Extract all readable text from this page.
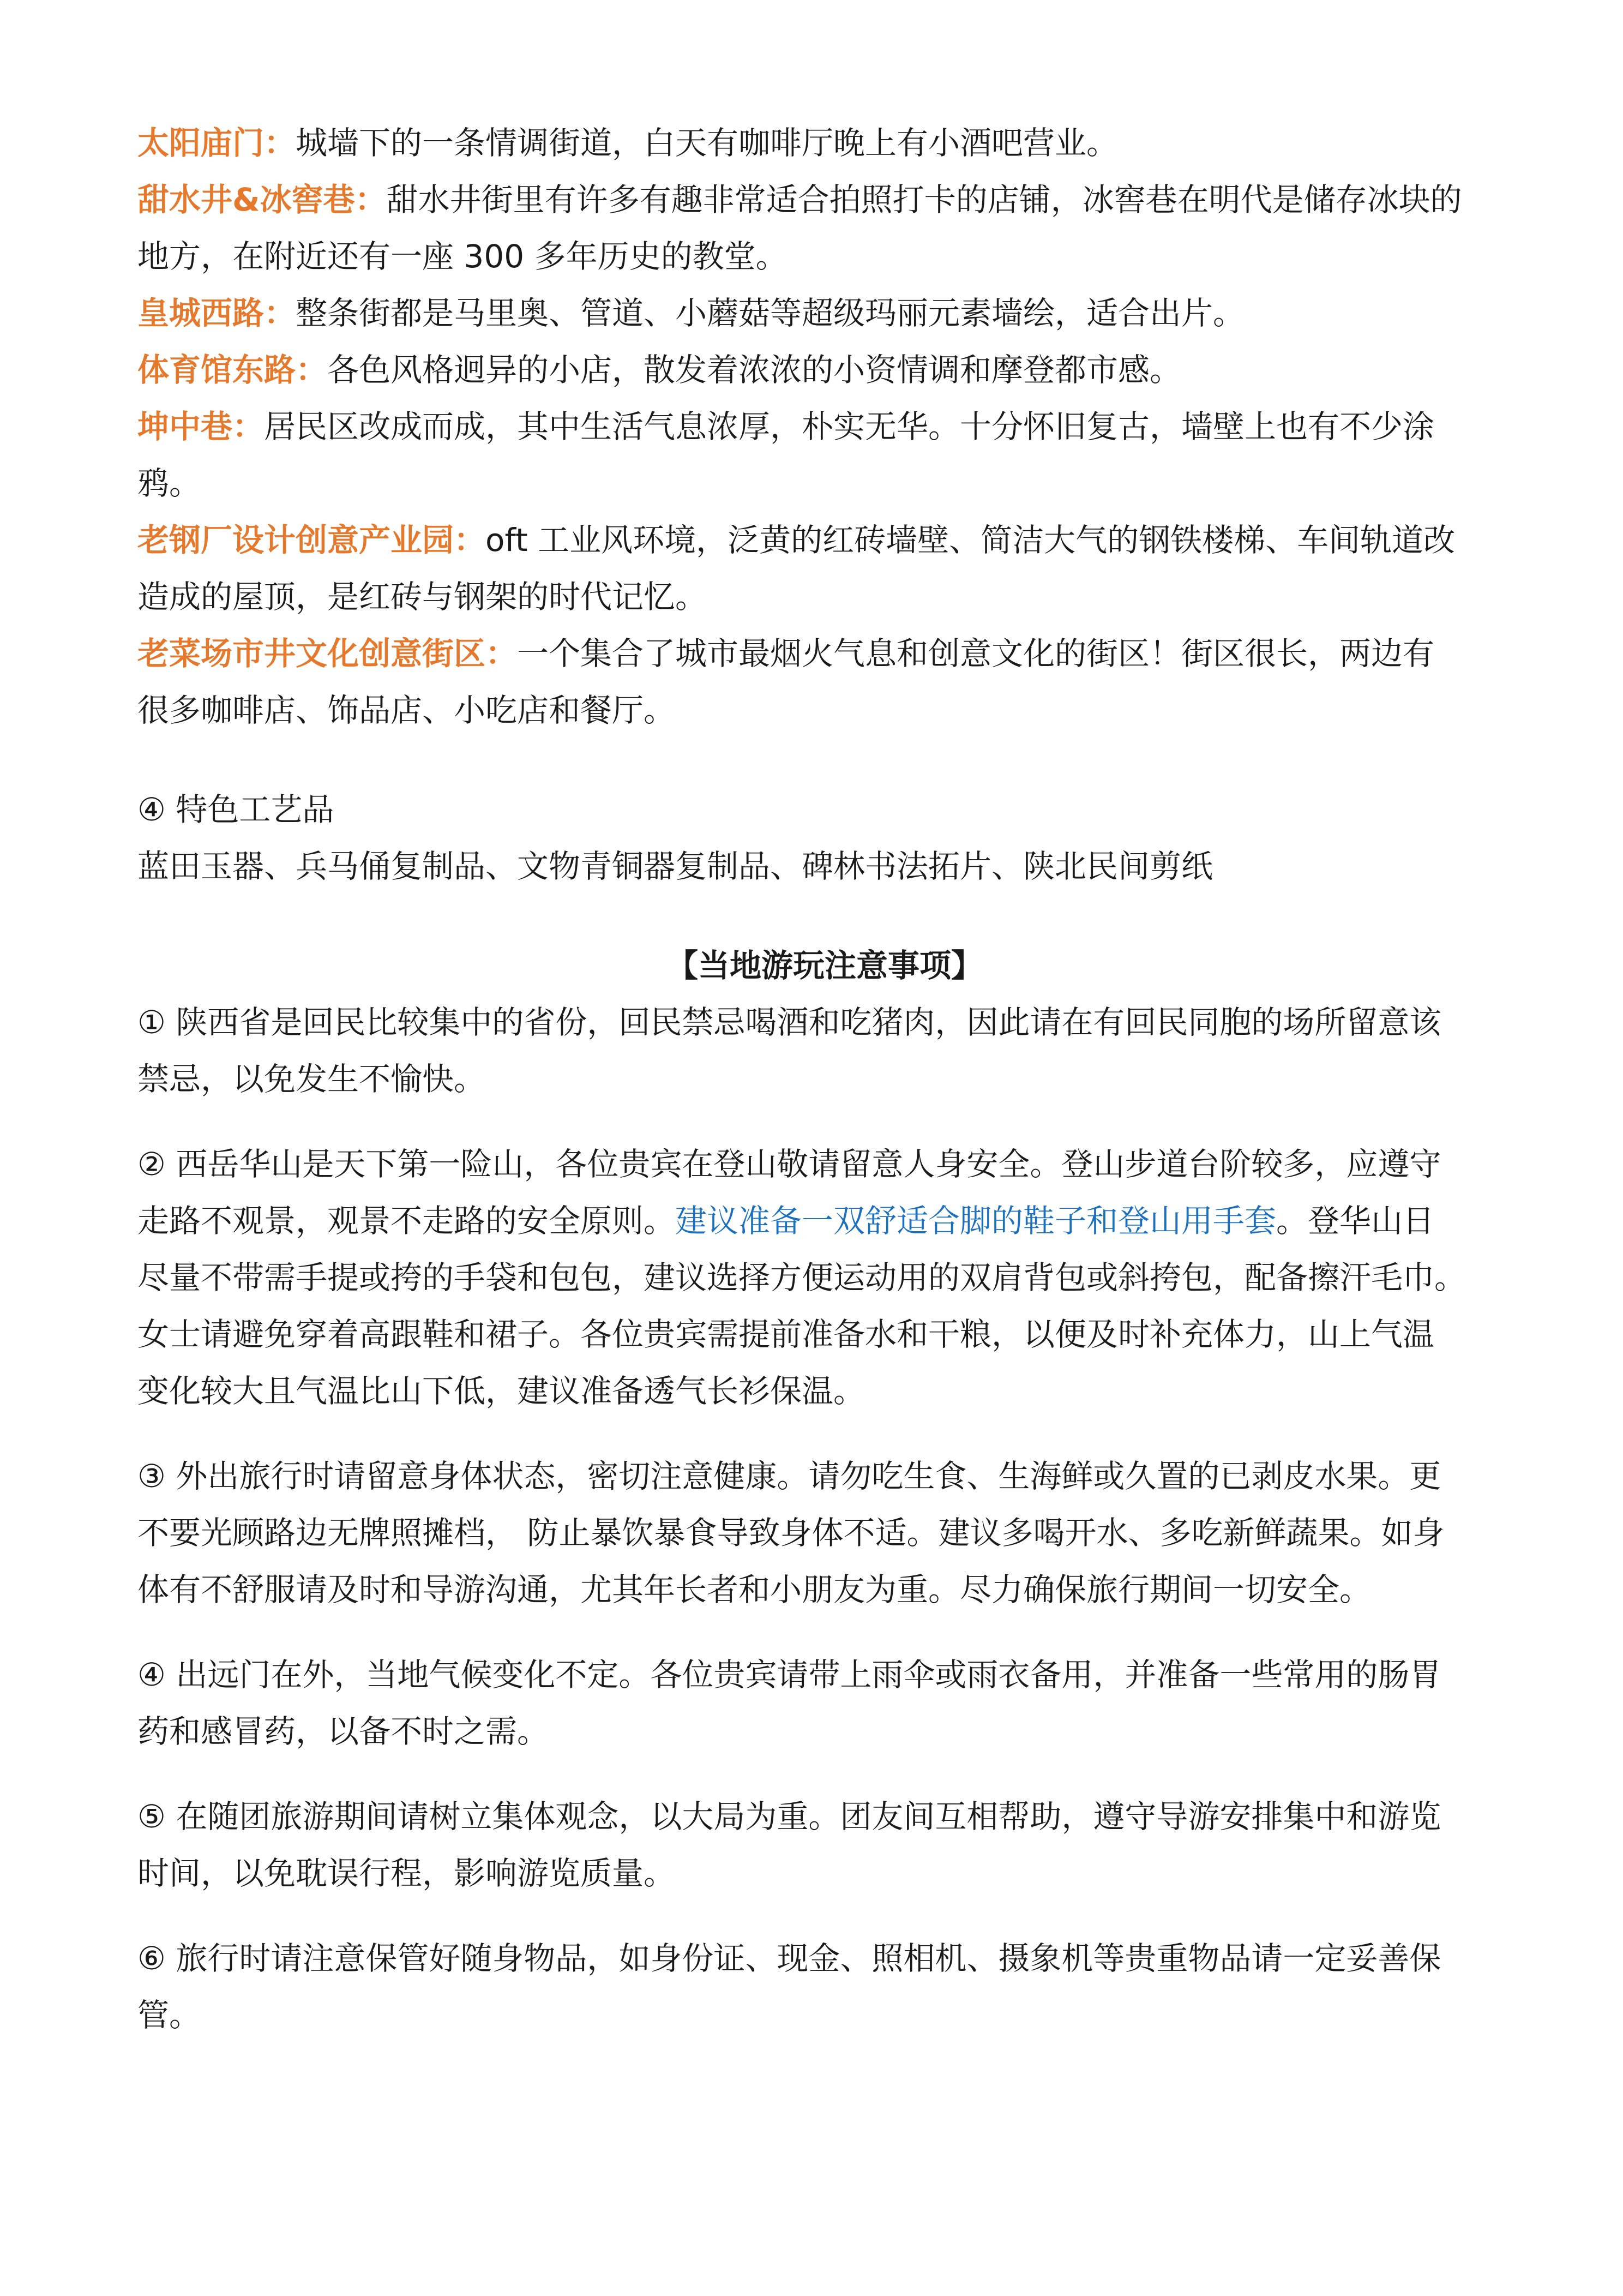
太阳庙门：城墙下的一条情调街道，白天有咖啡厅晚上有小酒吧营业。

甜水井&冰窖巷：甜水井街里有许多有趣非常适合拍照打卡的店铺，冰窖巷在明代是储存冰块的

地方，在附近还有一座 300 多年历史的教堂。

皇城西路：整条街都是马里奥、管道、小蘑菇等超级玛丽元素墙绘，适合出片。

体育馆东路：各色风格迥异的小店，散发着浓浓的小资情调和摩登都市感。

坤中巷：居民区改成而成，其中生活气息浓厚，朴实无华。十分怀旧复古，墙壁上也有不少涂

鸦。

老钢厂设计创意产业园：oft 工业风环境，泛黄的红砖墙壁、简洁大气的钢铁楼梯、车间轨道改

造成的屋顶，是红砖与钢架的时代记忆。

老菜场市井文化创意街区：一个集合了城市最烟火气息和创意文化的街区！街区很长，两边有

很多咖啡店、饰品店、小吃店和餐厅。

④ 特色工艺品

蓝田玉器、兵马俑复制品、文物青铜器复制品、碑林书法拓片、陕北民间剪纸

【当地游玩注意事项】

① 陕西省是回民比较集中的省份，回民禁忌喝酒和吃猪肉，因此请在有回民同胞的场所留意该

禁忌，以免发生不愉快。

② 西岳华山是天下第一险山，各位贵宾在登山敬请留意人身安全。登山步道台阶较多，应遵守

走路不观景，观景不走路的安全原则。建议准备一双舒适合脚的鞋子和登山用手套。登华山日

尽量不带需手提或挎的手袋和包包，建议选择方便运动用的双肩背包或斜挎包，配备擦汗毛巾。

女士请避免穿着高跟鞋和裙子。各位贵宾需提前准备水和干粮，以便及时补充体力，山上气温

变化较大且气温比山下低，建议准备透气长衫保温。

③ 外出旅行时请留意身体状态，密切注意健康。请勿吃生食、生海鲜或久置的已剥皮水果。更

不要光顾路边无牌照摊档， 防止暴饮暴食导致身体不适。建议多喝开水、多吃新鲜蔬果。如身

体有不舒服请及时和导游沟通，尤其年长者和小朋友为重。尽力确保旅行期间一切安全。

④ 出远门在外，当地气候变化不定。各位贵宾请带上雨伞或雨衣备用，并准备一些常用的肠胃

药和感冒药，以备不时之需。

⑤ 在随团旅游期间请树立集体观念，以大局为重。团友间互相帮助，遵守导游安排集中和游览

时间，以免耽误行程，影响游览质量。

⑥ 旅行时请注意保管好随身物品，如身份证、现金、照相机、摄象机等贵重物品请一定妥善保

管。
